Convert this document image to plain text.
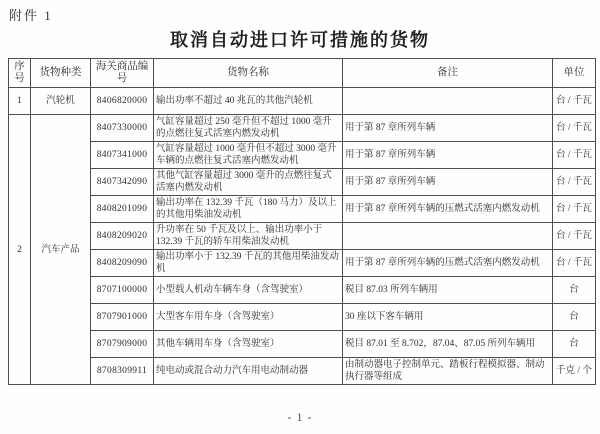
附件 1
取消自动进口许可措施的货物
序号	货物种类	海关商品编号	货物名称	备注	单位
1	汽轮机	8406820000	输出功率不超过 40 兆瓦的其他汽轮机		台 / 千瓦
2	汽车产品	8407330000	气缸容量超过 250 毫升但不超过 1000 毫升的点燃往复式活塞内燃发动机	用于第 87 章所列车辆	台 / 千瓦
		8407341000	气缸容量超过 1000 毫升但不超过 3000 毫升车辆的点燃往复式活塞内燃发动机	用于第 87 章所列车辆	台 / 千瓦
		8407342090	其他气缸容量超过 3000 毫升的点燃往复式活塞内燃发动机	用于第 87 章所列车辆	台 / 千瓦
		8408201090	输出功率在 132.39 千瓦（180 马力）及以上的其他用柴油发动机	用于第 87 章所列车辆的压燃式活塞内燃发动机	台 / 千瓦
		8408209020	升功率在 50 千瓦及以上、输出功率小于 132.39 千瓦的轿车用柴油发动机		台 / 千瓦
		8408209090	输出功率小于 132.39 千瓦的其他用柴油发动机	用于第 87 章所列车辆的压燃式活塞内燃发动机	台 / 千瓦
		8707100000	小型载人机动车辆车身（含驾驶室）	税目 87.03 所列车辆用	台
		8707901000	大型客车用车身（含驾驶室）	30 座以下客车辆用	台
		8707909000	其他车辆用车身（含驾驶室）	税目 87.01 至 8.702，87.04、87.05 所列车辆用	台
		8708309911	纯电动或混合动力汽车用电动制动器	由制动器电子控制单元、踏板行程模拟器、制动执行器等组成	千克 / 个
- 1 -
